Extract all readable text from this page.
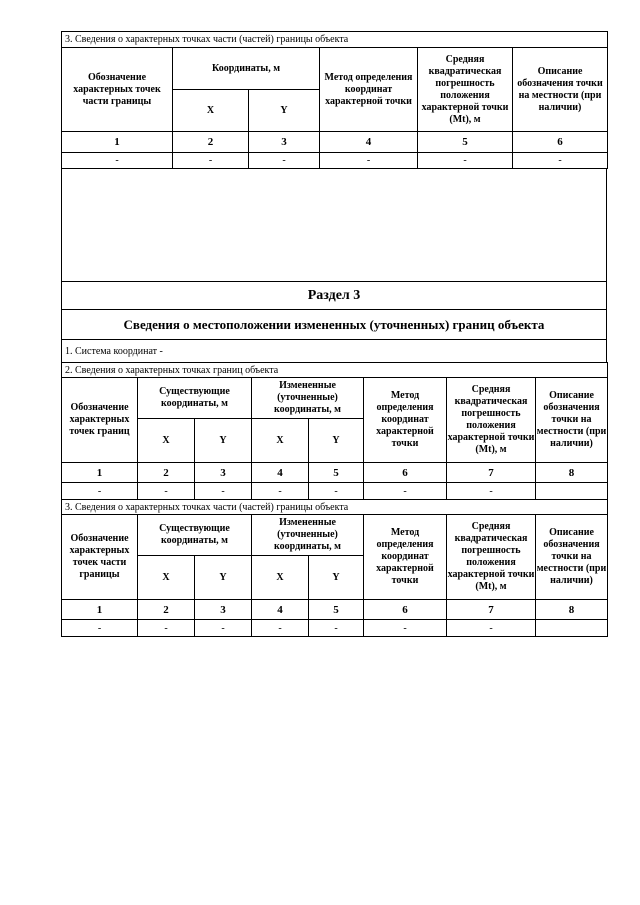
3. Сведения о характерных точках части (частей) границы объекта					
Обозначение характерных точек части границы	Координаты, м		Метод определения координат характерной точки	Средняя квадратическая погрешность положения характерной точки (Mt), м	Описание обозначения точки на местности (при наличии)
	X	Y			
1	2	3	4	5	6
-	-	-	-	-	-

Раздел 3
Сведения о местоположении измененных (уточненных) границ объекта
1. Система координат -
2. Сведения о характерных точках границ объекта							
Обозначение характерных точек границ	Существующие координаты, м		Измененные (уточненные) координаты, м		Метод определения координат характерной точки	Средняя квадратическая погрешность положения характерной точки (Mt), м	Описание обозначения точки на местности (при наличии)
	X	Y	X	Y			
1	2	3	4	5	6	7	8
-	-	-	-	-	-	-	
3. Сведения о характерных точках части (частей) границы объекта							
Обозначение характерных точек части границы	Существующие координаты, м		Измененные (уточненные) координаты, м		Метод определения координат характерной точки	Средняя квадратическая погрешность положения характерной точки (Mt), м	Описание обозначения точки на местности (при наличии)
	X	Y	X	Y			
1	2	3	4	5	6	7	8
-	-	-	-	-	-	-	
